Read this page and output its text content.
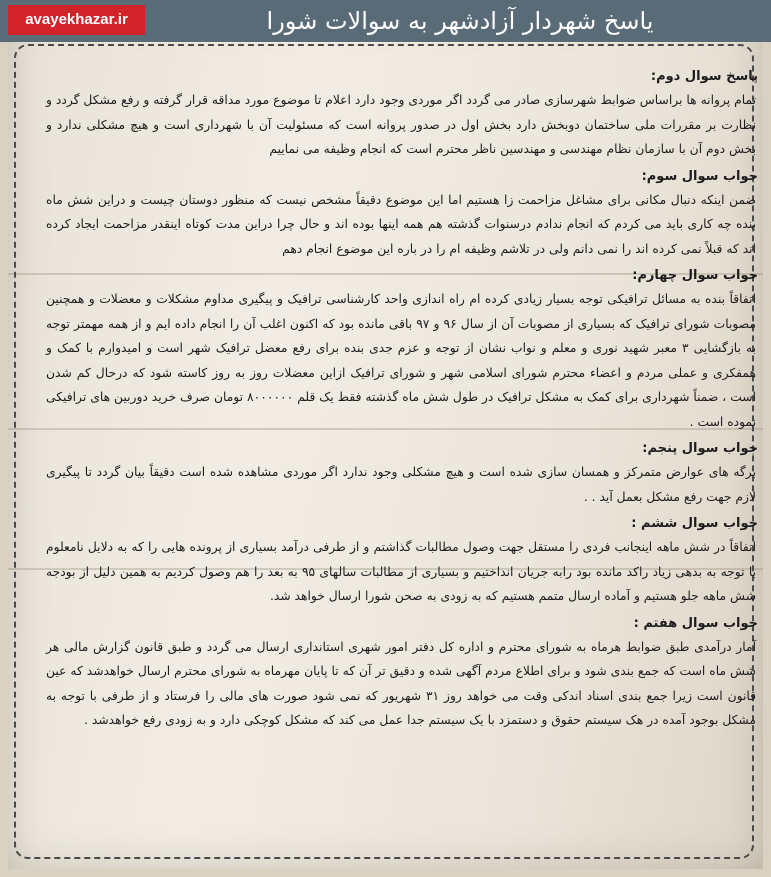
avayekhazar.ir	یاسخ شهردار آزادشهر به سوالات شورا
پاسخ سوال دوم:

تمام پروانه ها براساس ضوابط شهرسازی صادر می گردد اگر موردی وجود دارد اعلام تا موضوع مورد مداقه قرار گرفته و رفع مشکل گردد و نظارت بر مقررات ملی ساختمان دوبخش دارد بخش اول در صدور پروانه است که مسئولیت آن با شهرداری است و هیچ مشکلی ندارد و بخش دوم آن با سازمان نظام مهندسی و مهندسین ناظر محترم است که انجام وظیفه می نماییم

جواب سوال سوم:

ضمن اینکه دنبال مکانی برای مشاغل مزاحمت زا هستیم اما این موضوع دقیقاً مشخص نیست که منظور دوستان چیست و دراین شش ماه بنده چه کاری باید می کردم که انجام ندادم درسنوات گذشته هم همه اینها بوده اند و حال چرا دراین مدت کوتاه اینقدر مزاحمت ایجاد کرده اند که قبلاً نمی کرده اند را نمی دانم ولی در تلاشم وظیفه ام را در باره این موضوع انجام دهم

جواب سوال چهارم:

اتفاقاً بنده به مسائل ترافیکی توجه بسیار زیادی کرده ام راه اندازی واحد کارشناسی ترافیک و پیگیری مداوم مشکلات و معضلات و همچنین مصوبات شورای ترافیک که بسیاری از مصوبات آن از سال ۹۶ و ۹۷ باقی مانده بود که اکنون اغلب آن را انجام داده ایم و از همه مهمتر توجه به بازگشایی ۳ معبر شهید نوری و معلم و نواب نشان از توجه و عزم جدی بنده برای رفع معضل ترافیک شهر است و امیدوارم با کمک و همفکری و عملی مردم و اعضاء محترم شورای اسلامی شهر و شورای ترافیک ازاین معضلات روز به روز کاسته شود که درحال کم شدن است ، ضمناً شهرداری برای کمک به مشکل ترافیک در طول شش ماه گذشته فقط یک قلم ۸۰۰۰۰۰۰ تومان صرف خرید دوربین های ترافیکی نموده است .

جواب سوال پنجم:

برگه های عوارض متمرکز و همسان سازی شده است و هیچ مشکلی وجود ندارد اگر موردی مشاهده شده است دقیقاً بیان گردد تا پیگیری لازم جهت رفع مشکل بعمل آید . .

جواب سوال ششم :

اتفاقاً در شش ماهه اینجانب فردی را مستقل جهت وصول مطالبات گذاشتم و از طرفی درآمد بسیاری از پرونده هایی را که به دلایل نامعلوم با توجه به بدهی زیاد راکد مانده بود رابه جریان انداختیم و بسیاری از مطالبات سالهای ۹۵ به بعد را هم وصول کردیم به همین دلیل از بودجه شش ماهه جلو هستیم و آماده ارسال متمم هستیم که به زودی به صحن شورا ارسال خواهد شد.

جواب سوال هفتم :

آمار درآمدی طبق ضوابط هرماه به شورای محترم و اداره کل دفتر امور شهری استانداری ارسال می گردد و طبق قانون گزارش مالی هر شش ماه است که جمع بندی شود و برای اطلاع مردم آگهی شده و دقیق تر آن که تا پایان مهرماه به شورای محترم ارسال خواهدشد که عین قانون است زیرا جمع بندی اسناد اندکی وقت می خواهد روز ۳۱ شهریور که نمی شود صورت های مالی را فرستاد و از طرفی با توجه به مشکل بوجود آمده در هک سیستم حقوق و دستمزد با یک سیستم جدا عمل می کند که مشکل کوچکی دارد و به زودی رفع خواهدشد .
